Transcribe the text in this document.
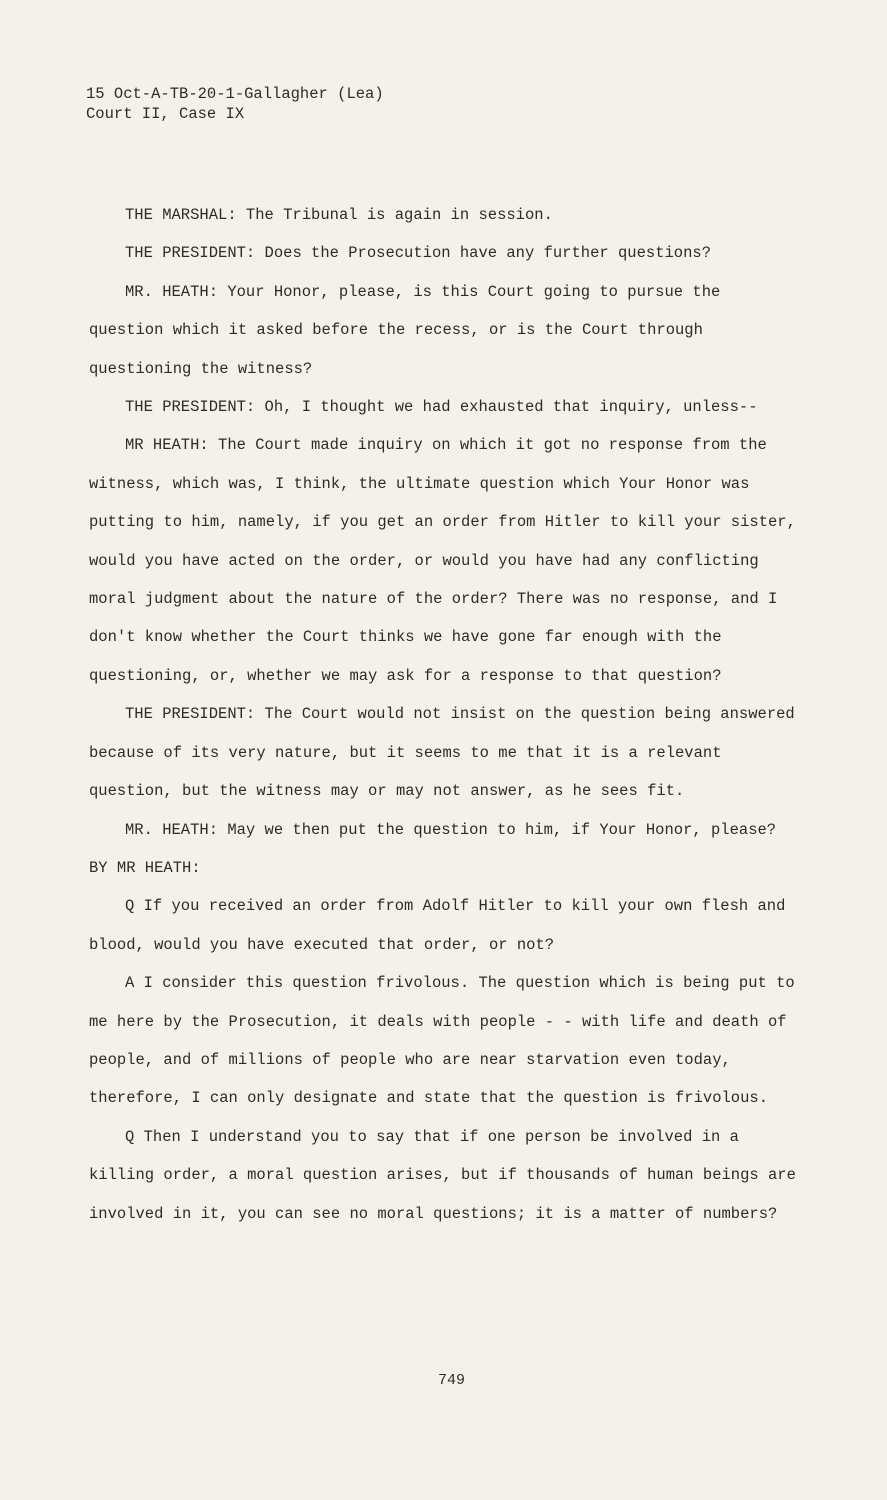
15 Oct-A-TB-20-1-Gallagher (Lea)
Court II, Case IX

THE MARSHAL: The Tribunal is again in session.

THE PRESIDENT: Does the Prosecution have any further questions?

MR. HEATH: Your Honor, please, is this Court going to pursue the question which it asked before the recess, or is the Court through questioning the witness?

THE PRESIDENT: Oh, I thought we had exhausted that inquiry, unless--

MR HEATH: The Court made inquiry on which it got no response from the witness, which was, I think, the ultimate question which Your Honor was putting to him, namely, if you get an order from Hitler to kill your sister, would you have acted on the order, or would you have had any conflicting moral judgment about the nature of the order? There was no response, and I don't know whether the Court thinks we have gone far enough with the questioning, or, whether we may ask for a response to that question?

THE PRESIDENT: The Court would not insist on the question being answered because of its very nature, but it seems to me that it is a relevant question, but the witness may or may not answer, as he sees fit.

MR. HEATH: May we then put the question to him, if Your Honor, please?

BY MR HEATH:

Q If you received an order from Adolf Hitler to kill your own flesh and blood, would you have executed that order, or not?

A I consider this question frivolous. The question which is being put to me here by the Prosecution, it deals with people - - with life and death of people, and of millions of people who are near starvation even today, therefore, I can only designate and state that the question is frivolous.

Q Then I understand you to say that if one person be involved in a killing order, a moral question arises, but if thousands of human beings are involved in it, you can see no moral questions; it is a matter of numbers?

749
